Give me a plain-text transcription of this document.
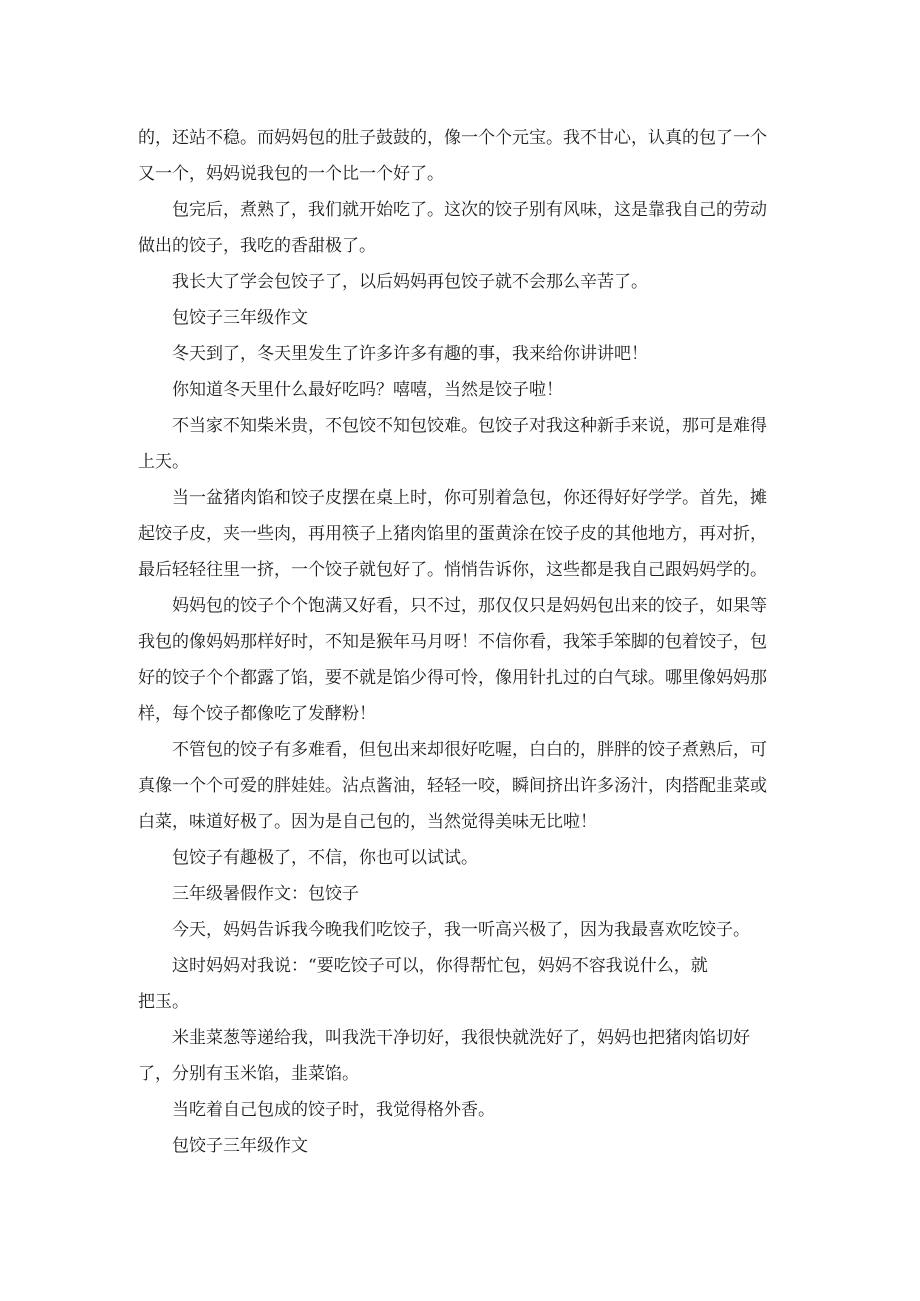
的，还站不稳。而妈妈包的肚子鼓鼓的，像一个个元宝。我不甘心，认真的包了一个
又一个，妈妈说我包的一个比一个好了。
包完后，煮熟了，我们就开始吃了。这次的饺子别有风味，这是靠我自己的劳动
做出的饺子，我吃的香甜极了。
我长大了学会包饺子了，以后妈妈再包饺子就不会那么辛苦了。
包饺子三年级作文
冬天到了，冬天里发生了许多许多有趣的事，我来给你讲讲吧！
你知道冬天里什么最好吃吗？嘻嘻，当然是饺子啦！
不当家不知柴米贵，不包饺不知包饺难。包饺子对我这种新手来说，那可是难得
上天。
当一盆猪肉馅和饺子皮摆在桌上时，你可别着急包，你还得好好学学。首先，摊
起饺子皮，夹一些肉，再用筷子上猪肉馅里的蛋黄涂在饺子皮的其他地方，再对折，
最后轻轻往里一挤，一个饺子就包好了。悄悄告诉你，这些都是我自己跟妈妈学的。
妈妈包的饺子个个饱满又好看，只不过，那仅仅只是妈妈包出来的饺子，如果等
我包的像妈妈那样好时，不知是猴年马月呀！不信你看，我笨手笨脚的包着饺子，包
好的饺子个个都露了馅，要不就是馅少得可怜，像用针扎过的白气球。哪里像妈妈那
样，每个饺子都像吃了发酵粉！
不管包的饺子有多难看，但包出来却很好吃喔，白白的，胖胖的饺子煮熟后，可
真像一个个可爱的胖娃娃。沾点酱油，轻轻一咬，瞬间挤出许多汤汁，肉搭配韭菜或
白菜，味道好极了。因为是自己包的，当然觉得美味无比啦！
包饺子有趣极了，不信，你也可以试试。
三年级暑假作文：包饺子
今天，妈妈告诉我今晚我们吃饺子，我一听高兴极了，因为我最喜欢吃饺子。
这时妈妈对我说：“要吃饺子可以，你得帮忙包，妈妈不容我说什么，就
把玉。
米韭菜葱等递给我，叫我洗干净切好，我很快就洗好了，妈妈也把猪肉馅切好
了，分别有玉米馅，韭菜馅。
当吃着自己包成的饺子时，我觉得格外香。
包饺子三年级作文
